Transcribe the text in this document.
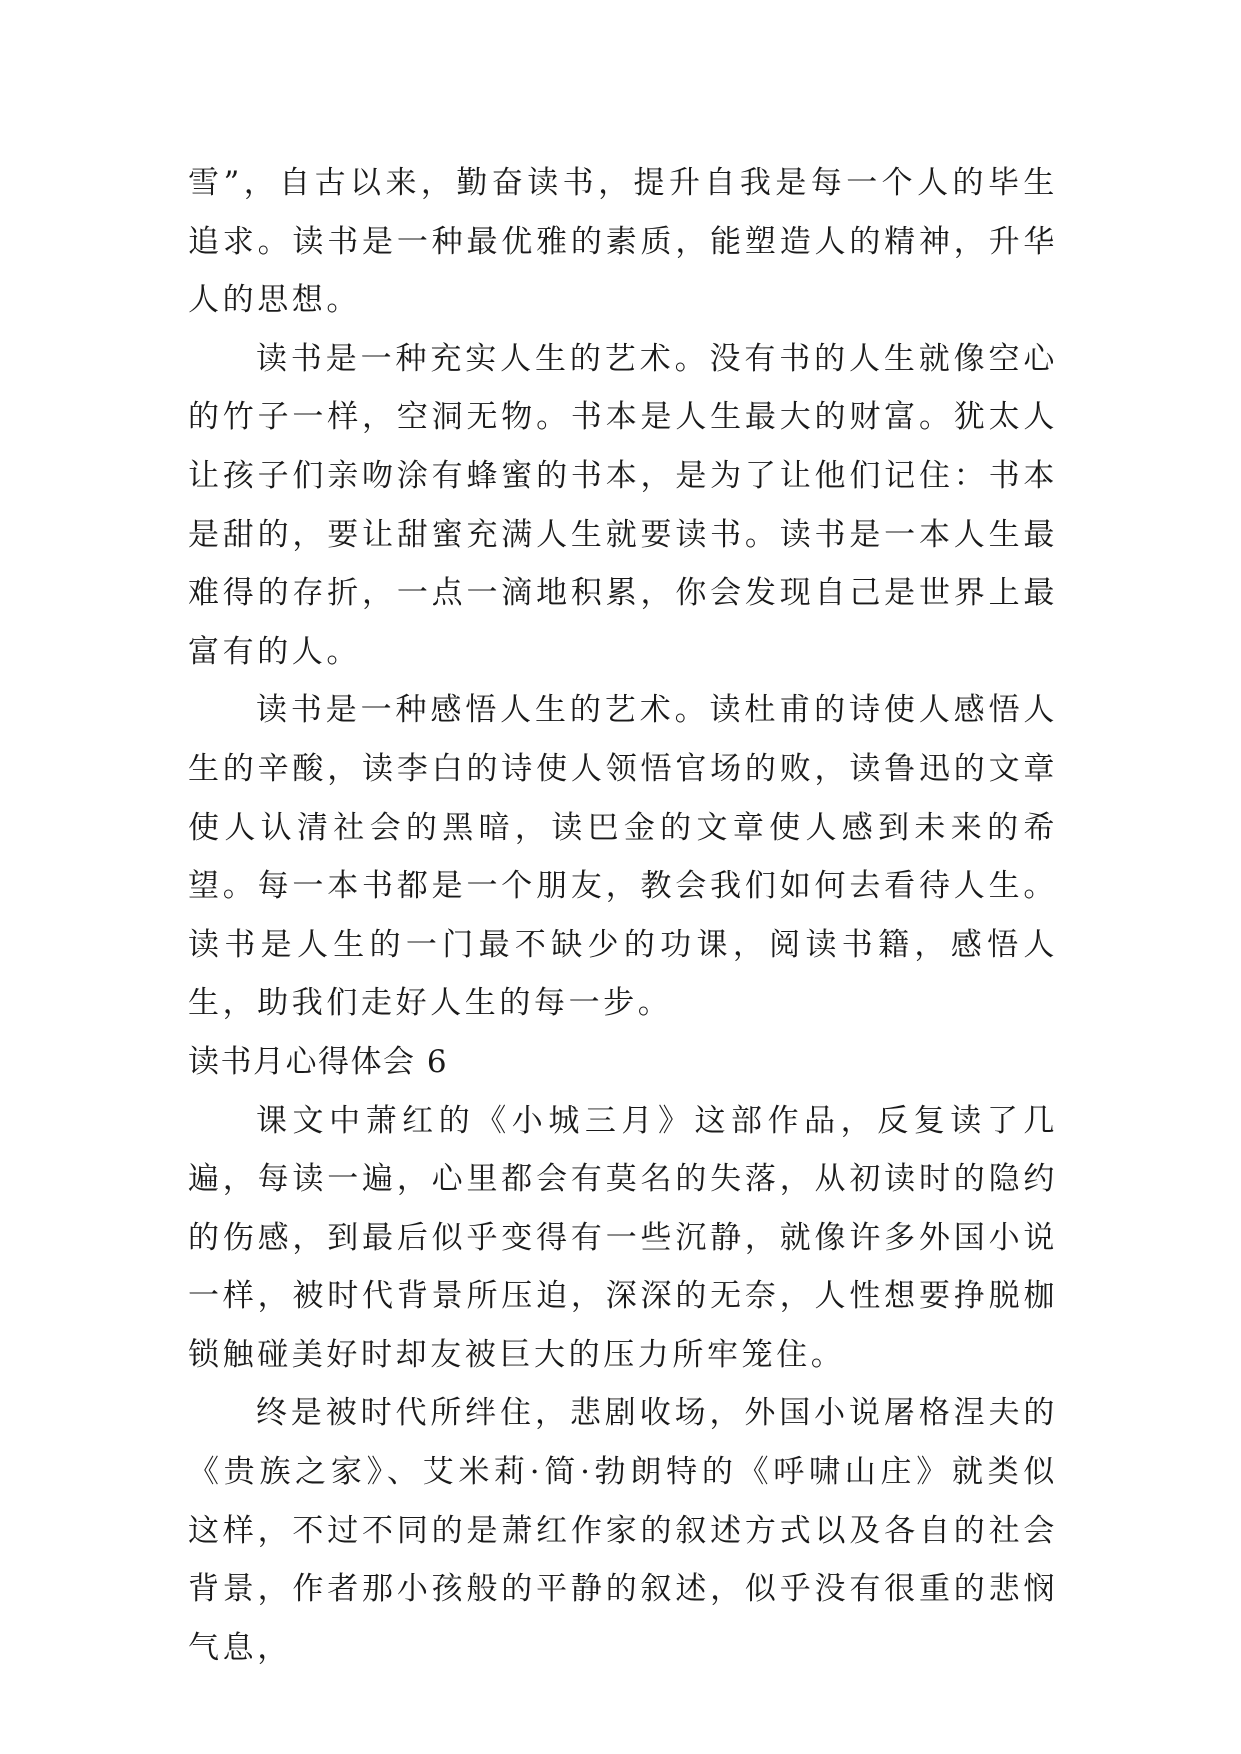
雪”，自古以来，勤奋读书，提升自我是每一个人的毕生追求。读书是一种最优雅的素质，能塑造人的精神，升华人的思想。

读书是一种充实人生的艺术。没有书的人生就像空心的竹子一样，空洞无物。书本是人生最大的财富。犹太人让孩子们亲吻涂有蜂蜜的书本，是为了让他们记住：书本是甜的，要让甜蜜充满人生就要读书。读书是一本人生最难得的存折，一点一滴地积累，你会发现自己是世界上最富有的人。

读书是一种感悟人生的艺术。读杜甫的诗使人感悟人生的辛酸，读李白的诗使人领悟官场的败，读鲁迅的文章使人认清社会的黑暗，读巴金的文章使人感到未来的希望。每一本书都是一个朋友，教会我们如何去看待人生。读书是人生的一门最不缺少的功课，阅读书籍，感悟人生，助我们走好人生的每一步。

读书月心得体会 6

课文中萧红的《小城三月》这部作品，反复读了几遍，每读一遍，心里都会有莫名的失落，从初读时的隐约的伤感，到最后似乎变得有一些沉静，就像许多外国小说一样，被时代背景所压迫，深深的无奈，人性想要挣脱枷锁触碰美好时却友被巨大的压力所牢笼住。

终是被时代所绊住，悲剧收场，外国小说屠格涅夫的《贵族之家》、艾米莉·简·勃朗特的《呼啸山庄》就类似这样，不过不同的是萧红作家的叙述方式以及各自的社会背景，作者那小孩般的平静的叙述，似乎没有很重的悲悯气息，
